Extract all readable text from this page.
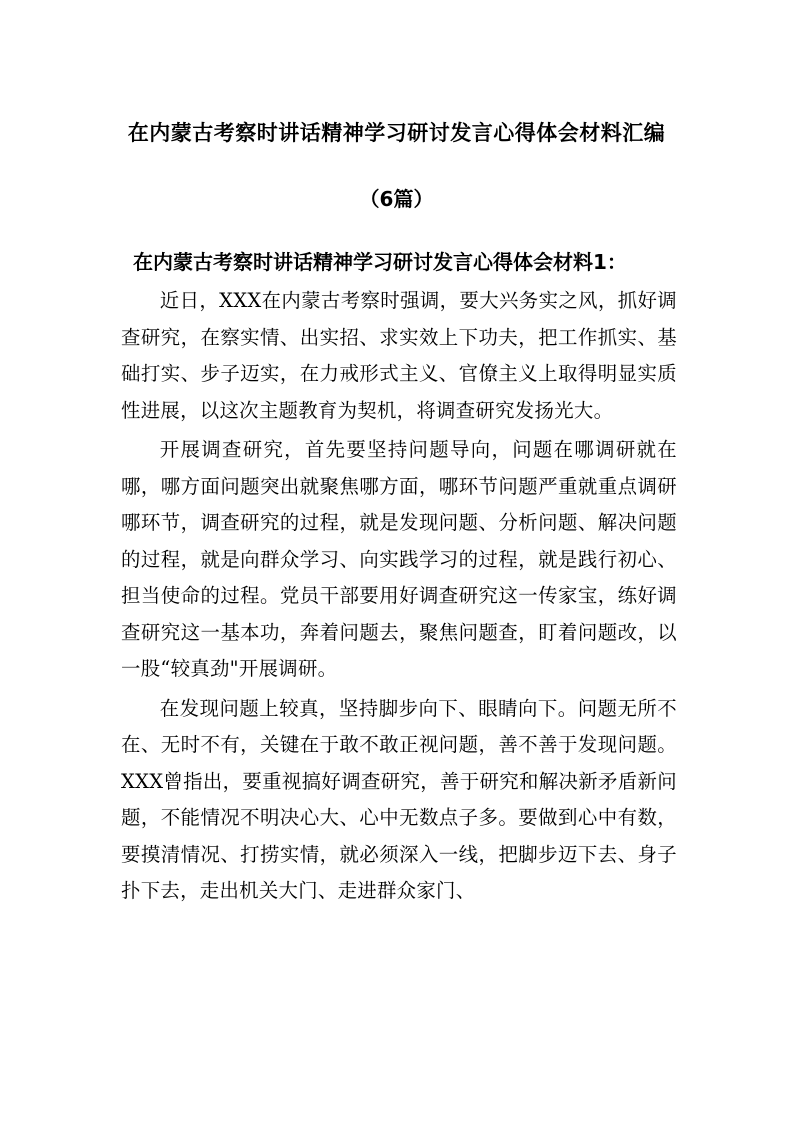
在内蒙古考察时讲话精神学习研讨发言心得体会材料汇编
（6篇）
在内蒙古考察时讲话精神学习研讨发言心得体会材料1：

近日，XXX在内蒙古考察时强调，要大兴务实之风，抓好调查研究，在察实情、出实招、求实效上下功夫，把工作抓实、基础打实、步子迈实，在力戒形式主义、官僚主义上取得明显实质性进展，以这次主题教育为契机，将调查研究发扬光大。

开展调查研究，首先要坚持问题导向，问题在哪调研就在哪，哪方面问题突出就聚焦哪方面，哪环节问题严重就重点调研哪环节，调查研究的过程，就是发现问题、分析问题、解决问题的过程，就是向群众学习、向实践学习的过程，就是践行初心、担当使命的过程。党员干部要用好调查研究这一传家宝，练好调查研究这一基本功，奔着问题去，聚焦问题查，盯着问题改，以一股“较真劲"开展调研。

在发现问题上较真，坚持脚步向下、眼睛向下。问题无所不在、无时不有，关键在于敢不敢正视问题，善不善于发现问题。XXX曾指出，要重视搞好调查研究，善于研究和解决新矛盾新问题，不能情况不明决心大、心中无数点子多。要做到心中有数，要摸清情况、打捞实情，就必须深入一线，把脚步迈下去、身子扑下去，走出机关大门、走进群众家门、
